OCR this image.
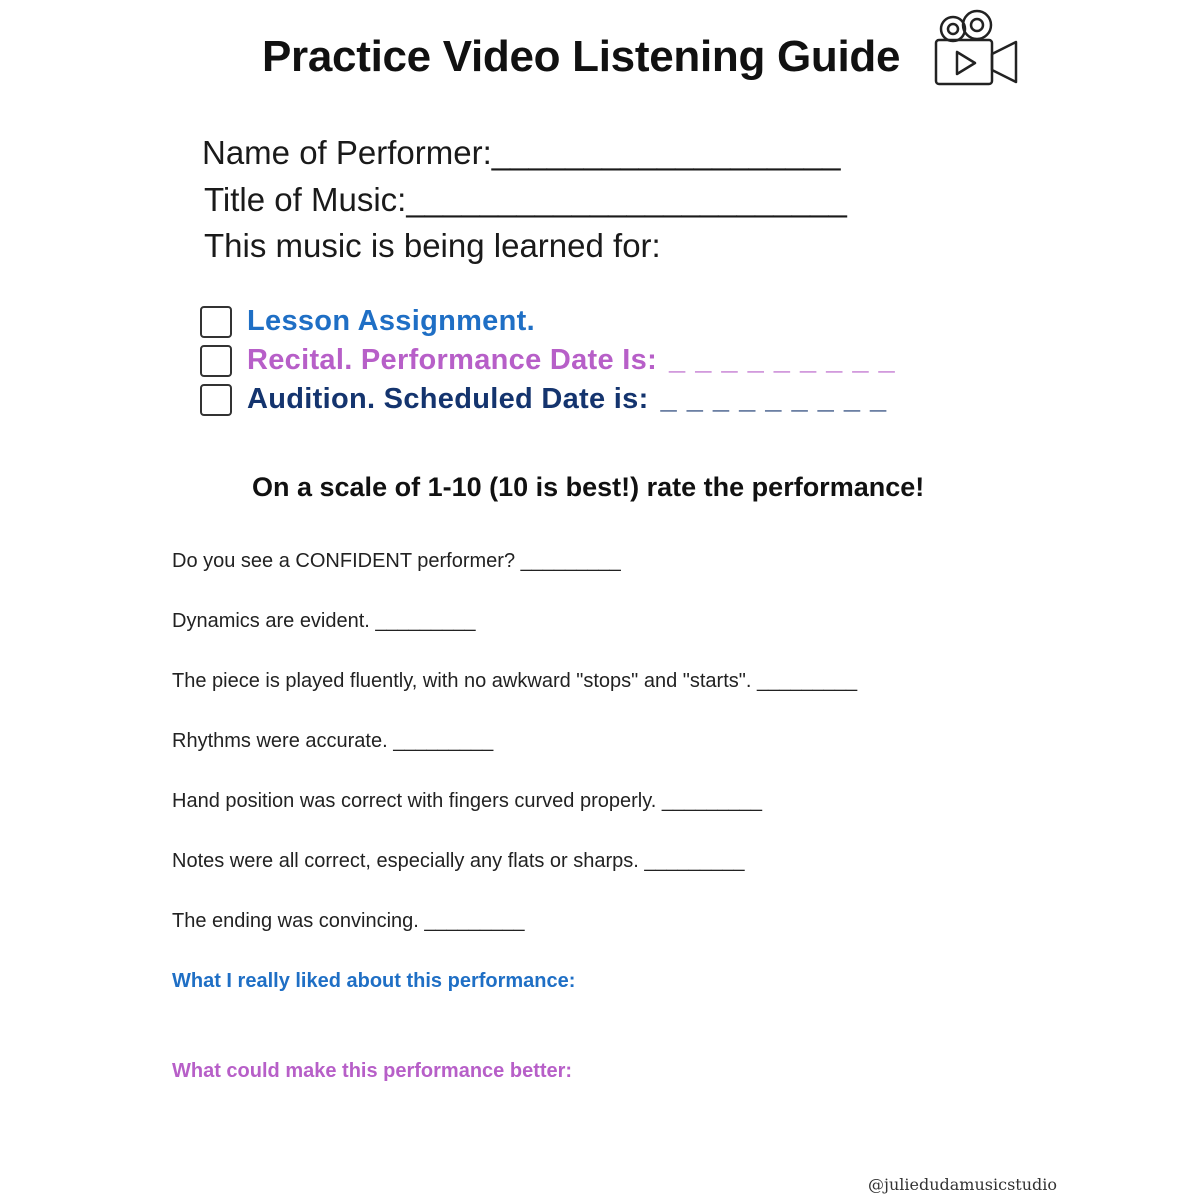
Practice Video Listening Guide
Name of Performer:___________________
Title of Music:________________________
This music is being learned for:
Lesson Assignment.
Recital. Performance Date Is: _ _ _ _ _ _ _ _ _
Audition. Scheduled Date is: _ _ _ _ _ _ _ _ _
On a scale of 1-10 (10 is best!) rate the performance!
Do you see a CONFIDENT performer? _________
Dynamics are evident. _________
The piece is played fluently, with no awkward "stops" and "starts". _________
Rhythms were accurate. _________
Hand position was correct with fingers curved properly. _________
Notes were all correct, especially any flats or sharps. _________
The ending was convincing. _________
What I really liked about this performance:
What could make this performance better:
@juliedudamusicstudio
